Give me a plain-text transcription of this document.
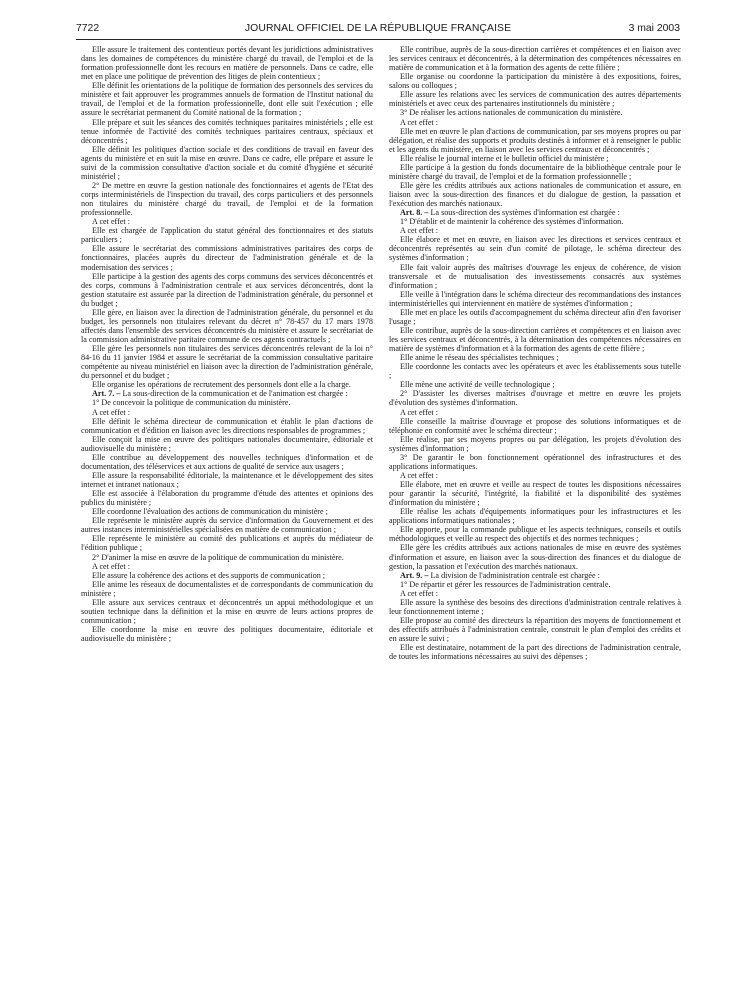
JOURNAL OFFICIEL DE LA RÉPUBLIQUE FRANÇAISE
7722	3 mai 2003

Elle assure le traitement des contentieux portés devant les juridictions administratives dans les domaines de compétences du ministère chargé du travail, de l'emploi et de la formation professionnelle dont les recours en matière de personnels. Dans ce cadre, elle met en place une politique de prévention des litiges de plein contentieux ;

Elle définit les orientations de la politique de formation des personnels des services du ministère et fait approuver les programmes annuels de formation de l'Institut national du travail, de l'emploi et de la formation professionnelle, dont elle suit l'exécution ; elle assure le secrétariat permanent du Comité national de la formation ;

Elle prépare et suit les séances des comités techniques paritaires ministériels ; elle est tenue informée de l'activité des comités techniques paritaires centraux, spéciaux et déconcentrés ;

Elle définit les politiques d'action sociale et des conditions de travail en faveur des agents du ministère et en suit la mise en œuvre. Dans ce cadre, elle prépare et assure le suivi de la commission consultative d'action sociale et du comité d'hygiène et sécurité ministériel ;

2° De mettre en œuvre la gestion nationale des fonctionnaires et agents de l'Etat des corps interministériels de l'inspection du travail, des corps particuliers et des personnels non titulaires du ministère chargé du travail, de l'emploi et de la formation professionnelle.

A cet effet :

Elle est chargée de l'application du statut général des fonctionnaires et des statuts particuliers ;

Elle assure le secrétariat des commissions administratives paritaires des corps de fonctionnaires, placées auprès du directeur de l'administration générale et de la modernisation des services ;

Elle participe à la gestion des agents des corps communs des services déconcentrés et des corps, communs à l'administration centrale et aux services déconcentrés, dont la gestion statutaire est assurée par la direction de l'administration générale, du personnel et du budget ;

Elle gère, en liaison avec la direction de l'administration générale, du personnel et du budget, les personnels non titulaires relevant du décret n° 78-457 du 17 mars 1978 affectés dans l'ensemble des services déconcentrés du ministère et assure le secrétariat de la commission administrative paritaire commune de ces agents contractuels ;

Elle gère les personnels non titulaires des services déconcentrés relevant de la loi n° 84-16 du 11 janvier 1984 et assure le secrétariat de la commission consultative paritaire compétente au niveau ministériel en liaison avec la direction de l'administration générale, du personnel et du budget ;

Elle organise les opérations de recrutement des personnels dont elle a la charge.

Art. 7. – La sous-direction de la communication et de l'animation est chargée :

1° De concevoir la politique de communication du ministère.

A cet effet :

Elle définit le schéma directeur de communication et établit le plan d'actions de communication et d'édition en liaison avec les directions responsables de programmes ;

Elle conçoit la mise en œuvre des politiques nationales documentaire, éditoriale et audiovisuelle du ministère ;

Elle contribue au développement des nouvelles techniques d'information et de documentation, des téléservices et aux actions de qualité de service aux usagers ;

Elle assure la responsabilité éditoriale, la maintenance et le développement des sites internet et intranet nationaux ;

Elle est associée à l'élaboration du programme d'étude des attentes et opinions des publics du ministère ;

Elle coordonne l'évaluation des actions de communication du ministère ;

Elle représente le ministère auprès du service d'information du Gouvernement et des autres instances interministérielles spécialisées en matière de communication ;

Elle représente le ministère au comité des publications et auprès du médiateur de l'édition publique ;

2° D'animer la mise en œuvre de la politique de communication du ministère.

A cet effet :

Elle assure la cohérence des actions et des supports de communication ;

Elle anime les réseaux de documentalistes et de correspondants de communication du ministère ;

Elle assure aux services centraux et déconcentrés un appui méthodologique et un soutien technique dans la définition et la mise en œuvre de leurs actions propres de communication ;

Elle coordonne la mise en œuvre des politiques documentaire, éditoriale et audiovisuelle du ministère ;

Elle contribue, auprès de la sous-direction carrières et compétences et en liaison avec les services centraux et déconcentrés, à la détermination des compétences nécessaires en matière de communication et à la formation des agents de cette filière ;

Elle organise ou coordonne la participation du ministère à des expositions, foires, salons ou colloques ;

Elle assure les relations avec les services de communication des autres départements ministériels et avec ceux des partenaires institutionnels du ministère ;

3° De réaliser les actions nationales de communication du ministère.

A cet effet :

Elle met en œuvre le plan d'actions de communication, par ses moyens propres ou par délégation, et réalise des supports et produits destinés à informer et à renseigner le public et les agents du ministère, en liaison avec les services centraux et déconcentrés ;

Elle réalise le journal interne et le bulletin officiel du ministère ;

Elle participe à la gestion du fonds documentaire de la bibliothèque centrale pour le ministère chargé du travail, de l'emploi et de la formation professionnelle ;

Elle gère les crédits attribués aux actions nationales de communication et assure, en liaison avec la sous-direction des finances et du dialogue de gestion, la passation et l'exécution des marchés nationaux.

Art. 8. – La sous-direction des systèmes d'information est chargée :

1° D'établir et de maintenir la cohérence des systèmes d'information.

A cet effet :

Elle élabore et met en œuvre, en liaison avec les directions et services centraux et déconcentrés représentés au sein d'un comité de pilotage, le schéma directeur des systèmes d'information ;

Elle fait valoir auprès des maîtrises d'ouvrage les enjeux de cohérence, de vision transversale et de mutualisation des investissements consacrés aux systèmes d'information ;

Elle veille à l'intégration dans le schéma directeur des recommandations des instances interministérielles qui interviennent en matière de systèmes d'information ;

Elle met en place les outils d'accompagnement du schéma directeur afin d'en favoriser l'usage ;

Elle contribue, auprès de la sous-direction carrières et compétences et en liaison avec les services centraux et déconcentrés, à la détermination des compétences nécessaires en matière de systèmes d'information et à la formation des agents de cette filière ;

Elle anime le réseau des spécialistes techniques ;

Elle coordonne les contacts avec les opérateurs et avec les établissements sous tutelle ;

Elle mène une activité de veille technologique ;

2° D'assister les diverses maîtrises d'ouvrage et mettre en œuvre les projets d'évolution des systèmes d'information.

A cet effet :

Elle conseille la maîtrise d'ouvrage et propose des solutions informatiques et de téléphonie en conformité avec le schéma directeur ;

Elle réalise, par ses moyens propres ou par délégation, les projets d'évolution des systèmes d'information ;

3° De garantir le bon fonctionnement opérationnel des infrastructures et des applications informatiques.

A cet effet :

Elle élabore, met en œuvre et veille au respect de toutes les dispositions nécessaires pour garantir la sécurité, l'intégrité, la fiabilité et la disponibilité des systèmes d'information du ministère ;

Elle réalise les achats d'équipements informatiques pour les infrastructures et les applications informatiques nationales ;

Elle apporte, pour la commande publique et les aspects techniques, conseils et outils méthodologiques et veille au respect des objectifs et des normes techniques ;

Elle gère les crédits attribués aux actions nationales de mise en œuvre des systèmes d'information et assure, en liaison avec la sous-direction des finances et du dialogue de gestion, la passation et l'exécution des marchés nationaux.

Art. 9. – La division de l'administration centrale est chargée :

1° De répartir et gérer les ressources de l'administration centrale.

A cet effet :

Elle assure la synthèse des besoins des directions d'administration centrale relatives à leur fonctionnement interne ;

Elle propose au comité des directeurs la répartition des moyens de fonctionnement et des effectifs attribués à l'administration centrale, construit le plan d'emploi des crédits et en assure le suivi ;

Elle est destinataire, notamment de la part des directions de l'administration centrale, de toutes les informations nécessaires au suivi des dépenses ;
